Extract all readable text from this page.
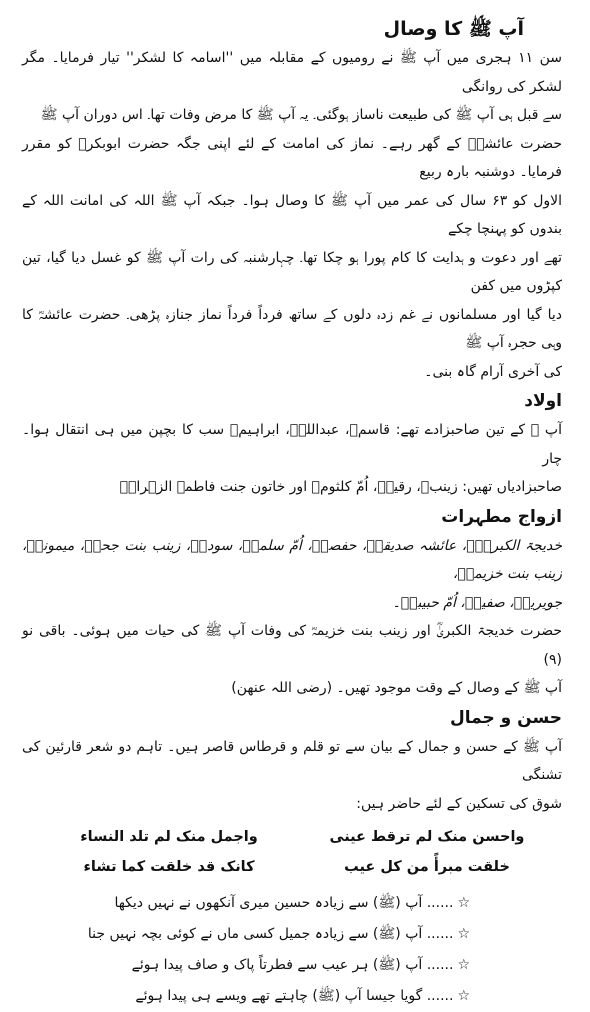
آپ ﷺ کا وصال

سن ۱۱ ہجری میں آپ ﷺ نے رومیوں کے مقابلہ میں ''اسامہ کا لشکر'' تیار فرمایا۔ مگر لشکر کی روانگی

سے قبل ہی آپ ﷺ کی طبیعت ناساز ہوگئی۔ یہ آپ ﷺ کا مرض وفات تھا۔ اس دوران آپ ﷺ

حضرت عائشہؓ کے گھر رہے۔ نماز کی امامت کے لئے اپنی جگہ حضرت ابوبکرؓ کو مقرر فرمایا۔ دوشنبہ بارہ ربیع

الاول کو ۶۳ سال کی عمر میں آپ ﷺ کا وصال ہوا۔ جبکہ آپ ﷺ اللہ کی امانت اللہ کے بندوں کو پہنچا چکے

تھے اور دعوت و ہدایت کا کام پورا ہو چکا تھا۔ چہارشنبہ کی رات آپ ﷺ کو غسل دیا گیا، تین کپڑوں میں کفن

دیا گیا اور مسلمانوں نے غم زدہ دلوں کے ساتھ فرداً فرداً نماز جنازہ پڑھی۔ حضرت عائشہؓ کا وہی حجرہ آپ ﷺ

کی آخری آرام گاہ بنی۔

اولاد

آپ ﷺ کے تین صاحبزادے تھے: قاسمؓ، عبداللہؓ، ابراہیمؓ سب کا بچپن میں ہی انتقال ہوا۔ چار

صاحبزادیاں تھیں: زینبؓ، رقیہؓ، اُمّ کلثومؓ اور خاتون جنت فاطمۃ الزہراؓ۔

ازواج مطہرات

خدیجۃ الکبریٰؓ، عائشہ صدیقہؓ، حفصہؓ، اُمّ سلمہؓ، سودہؓ، زینب بنت جحشؓ، میمونہؓ، زینب بنت خزیمہؓ،

جویریہؓ، صفیہؓ، اُمّ حبیبہؓ۔

حضرت خدیجۃ الکبریٰؓ اور زینب بنت خزیمہؓ کی وفات آپ ﷺ کی حیات میں ہوئی۔ باقی نو (۹)

آپ ﷺ کے وصال کے وقت موجود تھیں۔ (رضی اللہ عنھن)

حسن و جمال

آپ ﷺ کے حسن و جمال کے بیان سے تو قلم و قرطاس قاصر ہیں۔ تاہم دو شعر قارئین کی تشنگی

شوق کی تسکین کے لئے حاضر ہیں:

واحسن منک لم ترقط عینی
واجمل منک لم تلد النساء
خلقت مبرأً من کل عیب
کانک قد خلقت کما تشاء
☆
...... آپ (ﷺ) سے زیادہ حسین میری آنکھوں نے نہیں دیکھا
☆
...... آپ (ﷺ) سے زیادہ جمیل کسی ماں نے کوئی بچہ نہیں جنا
☆
...... آپ (ﷺ) ہر عیب سے فطرتاً پاک و صاف پیدا ہوئے
☆
...... گویا جیسا آپ (ﷺ) چاہتے تھے ویسے ہی پیدا ہوئے
